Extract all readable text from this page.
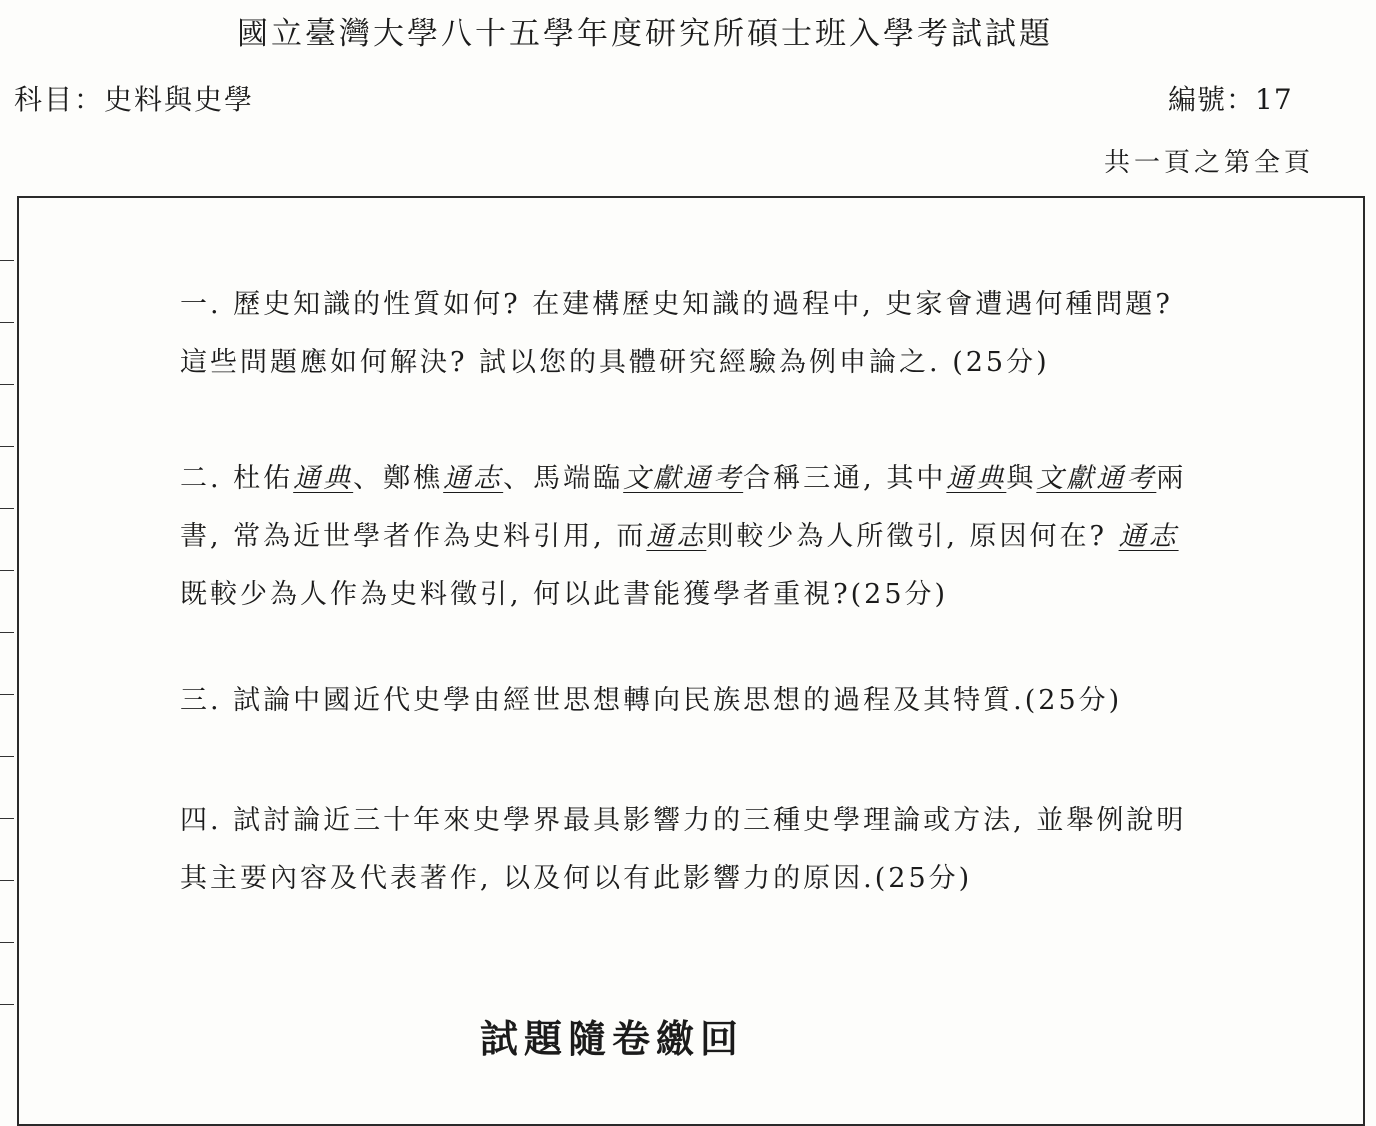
國立臺灣大學八十五學年度研究所碩士班入學考試試題
科目：史料與史學	編號：17
共一頁之第全頁

一. 歷史知識的性質如何? 在建構歷史知識的過程中, 史家會遭遇何種問題? 這些問題應如何解決? 試以您的具體研究經驗為例申論之. (25分)

二. 杜佑通典、鄭樵通志、馬端臨文獻通考合稱三通, 其中通典與文獻通考兩書, 常為近世學者作為史料引用, 而通志則較少為人所徵引, 原因何在? 通志既較少為人作為史料徵引, 何以此書能獲學者重視?(25分)

三. 試論中國近代史學由經世思想轉向民族思想的過程及其特質.(25分)

四. 試討論近三十年來史學界最具影響力的三種史學理論或方法, 並舉例說明其主要內容及代表著作, 以及何以有此影響力的原因.(25分)

試題隨卷繳回
